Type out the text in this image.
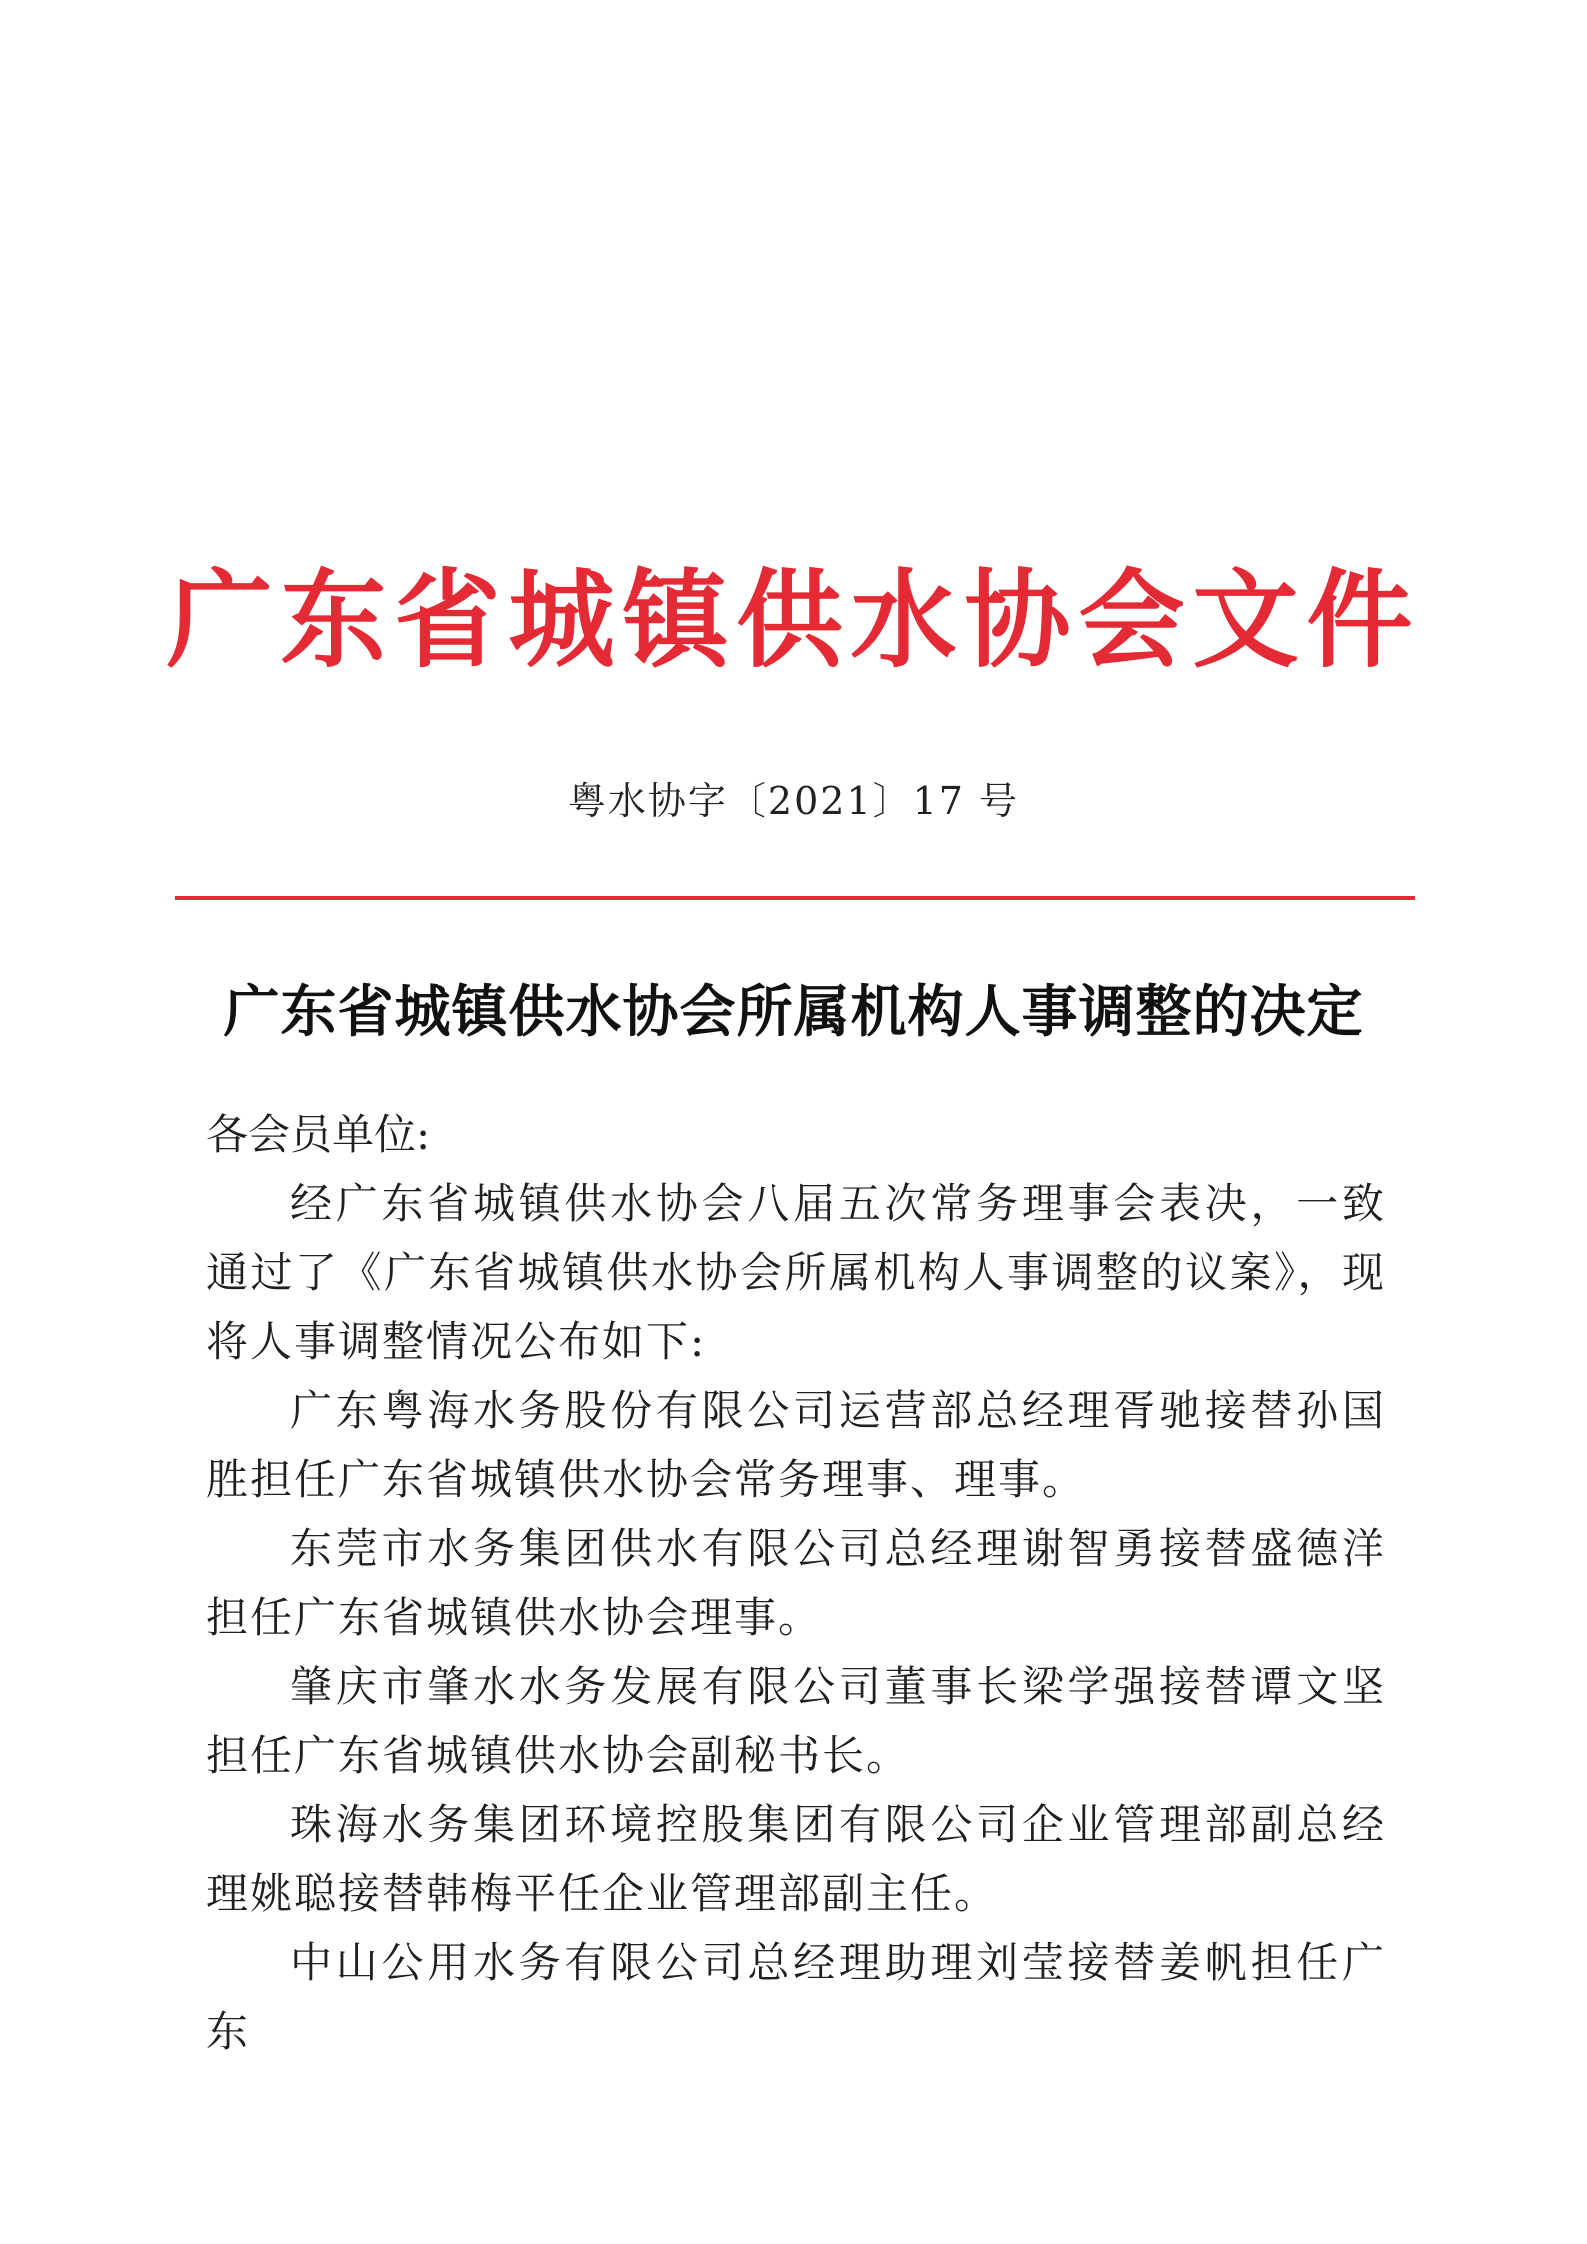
广东省城镇供水协会文件
粤水协字〔2021〕17 号
广东省城镇供水协会所属机构人事调整的决定

各会员单位:

经广东省城镇供水协会八届五次常务理事会表决，一致通过了《广东省城镇供水协会所属机构人事调整的议案》，现将人事调整情况公布如下:

广东粤海水务股份有限公司运营部总经理胥驰接替孙国胜担任广东省城镇供水协会常务理事、理事。

东莞市水务集团供水有限公司总经理谢智勇接替盛德洋担任广东省城镇供水协会理事。

肇庆市肇水水务发展有限公司董事长梁学强接替谭文坚担任广东省城镇供水协会副秘书长。

珠海水务集团环境控股集团有限公司企业管理部副总经理姚聪接替韩梅平任企业管理部副主任。

中山公用水务有限公司总经理助理刘莹接替姜帆担任广东
